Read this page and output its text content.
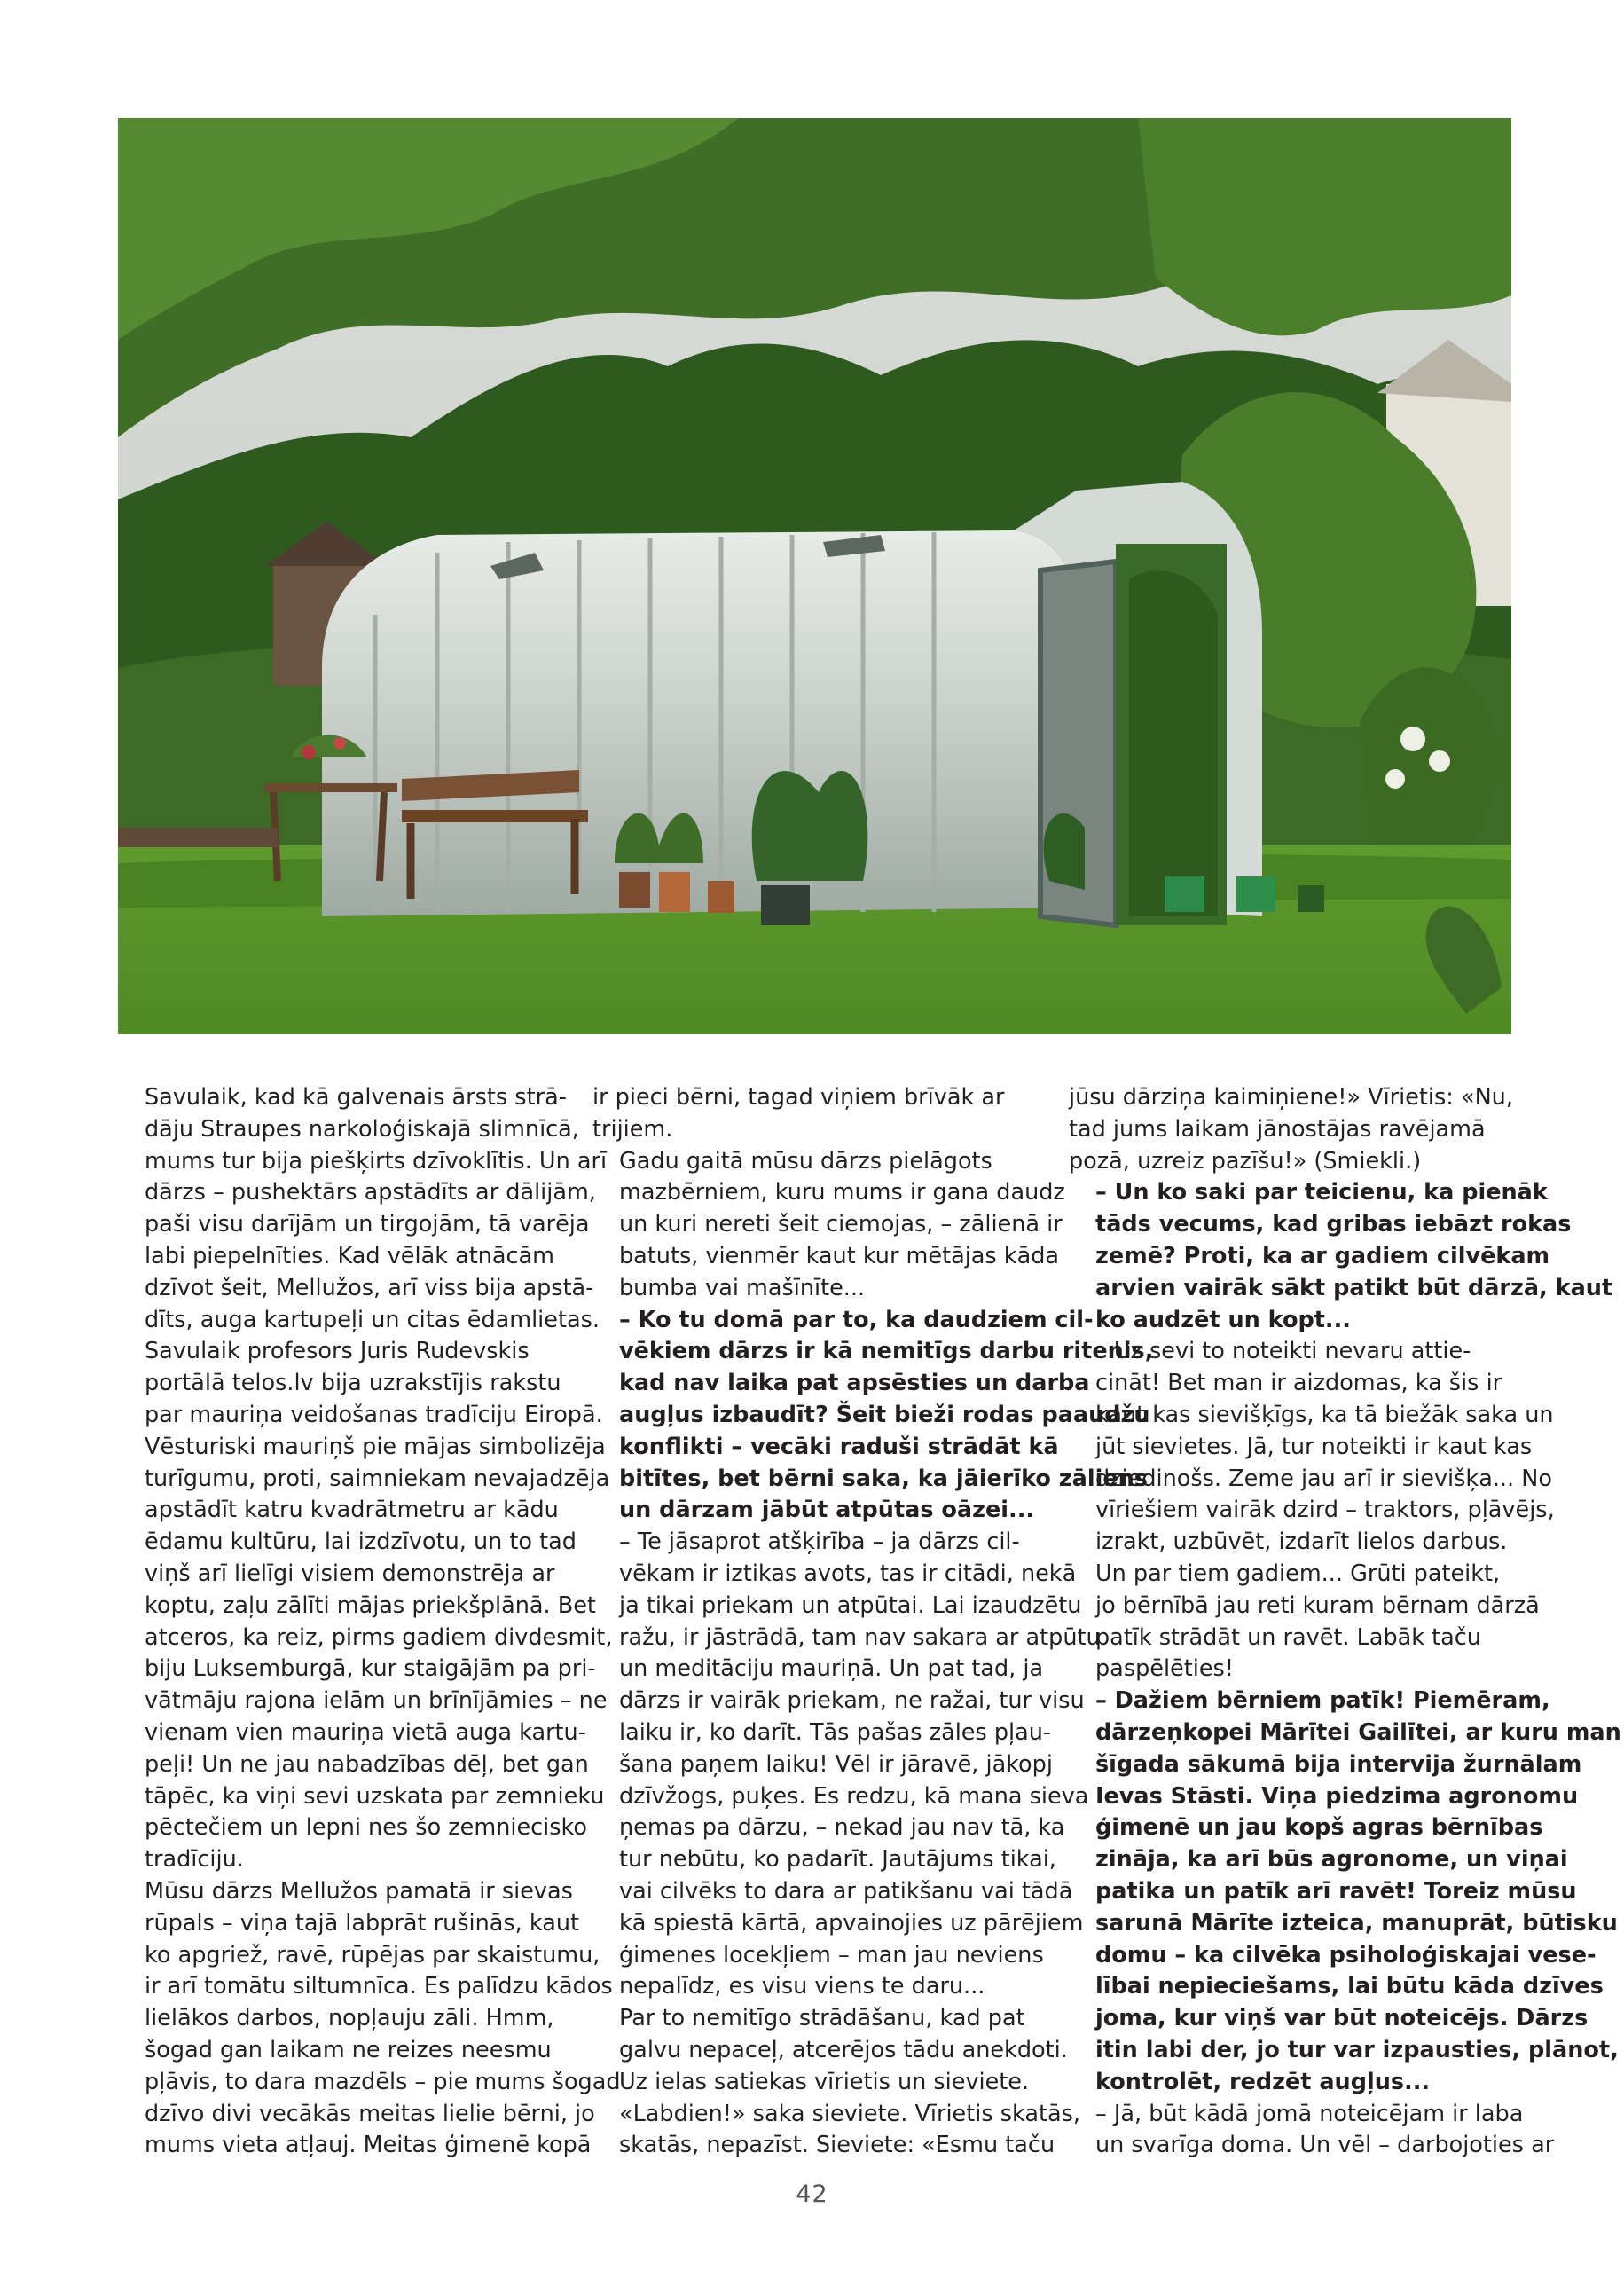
Savulaik, kad kā galvenais ārsts strā-
dāju Straupes narkoloģiskajā slimnīcā,
mums tur bija piešķirts dzīvoklītis. Un arī
dārzs – pushektārs apstādīts ar dālijām,
paši visu darījām un tirgojām, tā varēja
labi piepelnīties. Kad vēlāk atnācām
dzīvot šeit, Mellužos, arī viss bija apstā-
dīts, auga kartupeļi un citas ēdamlietas.

Savulaik profesors Juris Rudevskis
portālā telos.lv bija uzrakstījis rakstu
par mauriņa veidošanas tradīciju Eiropā.
Vēsturiski mauriņš pie mājas simbolizēja
turīgumu, proti, saimniekam nevajadzēja
apstādīt katru kvadrātmetru ar kādu
ēdamu kultūru, lai izdzīvotu, un to tad
viņš arī lielīgi visiem demonstrēja ar
koptu, zaļu zālīti mājas priekšplānā. Bet
atceros, ka reiz, pirms gadiem divdesmit,
biju Luksemburgā, kur staigājām pa pri-
vātmāju rajona ielām un brīnījāmies – ne
vienam vien mauriņa vietā auga kartu-
peļi! Un ne jau nabadzības dēļ, bet gan
tāpēc, ka viņi sevi uzskata par zemnieku
pēctečiem un lepni nes šo zemniecisko
tradīciju.

Mūsu dārzs Mellužos pamatā ir sievas
rūpals – viņa tajā labprāt rušinās, kaut
ko apgriež, ravē, rūpējas par skaistumu,
ir arī tomātu siltumnīca. Es palīdzu kādos
lielākos darbos, nopļauju zāli. Hmm,
šogad gan laikam ne reizes neesmu
pļāvis, to dara mazdēls – pie mums šogad
dzīvo divi vecākās meitas lielie bērni, jo
mums vieta atļauj. Meitas ģimenē kopā

ir pieci bērni, tagad viņiem brīvāk ar
trijiem.

Gadu gaitā mūsu dārzs pielāgots
mazbērniem, kuru mums ir gana daudz
un kuri nereti šeit ciemojas, – zālienā ir
batuts, vienmēr kaut kur mētājas kāda
bumba vai mašīnīte...

– Ko tu domā par to, ka daudziem cil-
vēkiem dārzs ir kā nemitīgs darbu ritenis,
kad nav laika pat apsēsties un darba
augļus izbaudīt? Šeit bieži rodas paaudžu
konflikti – vecāki raduši strādāt kā
bitītes, bet bērni saka, ka jāierīko zāliens
un dārzam jābūt atpūtas oāzei...

– Te jāsaprot atšķirība – ja dārzs cil-
vēkam ir iztikas avots, tas ir citādi, nekā
ja tikai priekam un atpūtai. Lai izaudzētu
ražu, ir jāstrādā, tam nav sakara ar atpūtu
un meditāciju mauriņā. Un pat tad, ja
dārzs ir vairāk priekam, ne ražai, tur visu
laiku ir, ko darīt. Tās pašas zāles pļau-
šana paņem laiku! Vēl ir jāravē, jākopj
dzīvžogs, puķes. Es redzu, kā mana sieva
ņemas pa dārzu, – nekad jau nav tā, ka
tur nebūtu, ko padarīt. Jautājums tikai,
vai cilvēks to dara ar patikšanu vai tādā
kā spiestā kārtā, apvainojies uz pārējiem
ģimenes locekļiem – man jau neviens
nepalīdz, es visu viens te daru...

Par to nemitīgo strādāšanu, kad pat
galvu nepaceļ, atcerējos tādu anekdoti.
Uz ielas satiekas vīrietis un sieviete.
«Labdien!» saka sieviete. Vīrietis skatās,
skatās, nepazīst. Sieviete: «Esmu taču

jūsu dārziņa kaimiņiene!» Vīrietis: «Nu,
tad jums laikam jānostājas ravējamā
pozā, uzreiz pazīšu!» (Smiekli.)

– Un ko saki par teicienu, ka pienāk
tāds vecums, kad gribas iebāzt rokas
zemē? Proti, ka ar gadiem cilvēkam
arvien vairāk sākt patikt būt dārzā, kaut
ko audzēt un kopt...

– Uz sevi to noteikti nevaru attie-
cināt! Bet man ir aizdomas, ka šis ir
kaut kas sievišķīgs, ka tā biežāk saka un
jūt sievietes. Jā, tur noteikti ir kaut kas
dziedinošs. Zeme jau arī ir sievišķa... No
vīriešiem vairāk dzird – traktors, pļāvējs,
izrakt, uzbūvēt, izdarīt lielos darbus.

Un par tiem gadiem... Grūti pateikt,
jo bērnībā jau reti kuram bērnam dārzā
patīk strādāt un ravēt. Labāk taču
paspēlēties!

– Dažiem bērniem patīk! Piemēram,
dārzeņkopei Mārītei Gailītei, ar kuru man
šīgada sākumā bija intervija žurnālam
Ievas Stāsti. Viņa piedzima agronomu
ģimenē un jau kopš agras bērnības
zināja, ka arī būs agronome, un viņai
patika un patīk arī ravēt! Toreiz mūsu
sarunā Mārīte izteica, manuprāt, būtisku
domu – ka cilvēka psiholoģiskajai vese-
lībai nepieciešams, lai būtu kāda dzīves
joma, kur viņš var būt noteicējs. Dārzs
itin labi der, jo tur var izpausties, plānot,
kontrolēt, redzēt augļus...

– Jā, būt kādā jomā noteicējam ir laba
un svarīga doma. Un vēl – darbojoties ar

42
